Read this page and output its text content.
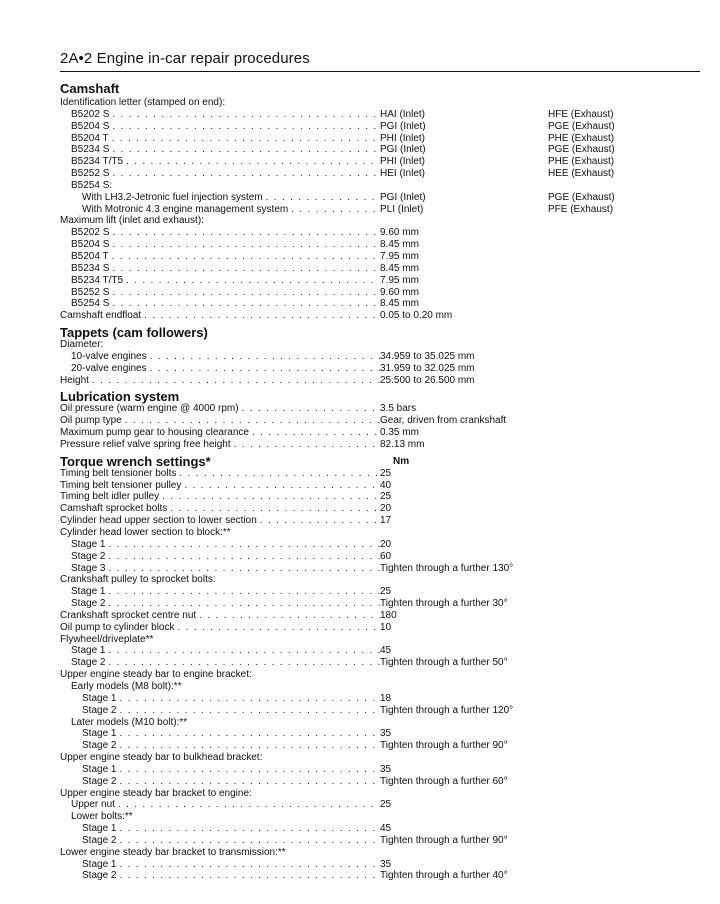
2A•2 Engine in-car repair procedures
Camshaft
Identification letter (stamped on end):
B5202 S . . .	HAI (Inlet)	HFE (Exhaust)
B5204 S . . .	PGI (Inlet)	PGE (Exhaust)
B5204 T . . .	PHI (Inlet)	PHE (Exhaust)
B5234 S . . .	PGI (Inlet)	PGE (Exhaust)
B5234 T/T5 . . .	PHI (Inlet)	PHE (Exhaust)
B5252 S . . .	HEI (Inlet)	HEE (Exhaust)
B5254 S:
With LH3.2-Jetronic fuel injection system . . .	PGI (Inlet)	PGE (Exhaust)
With Motronic 4.3 engine management system . . .	PLI (Inlet)	PFE (Exhaust)
Maximum lift (inlet and exhaust):
B5202 S . . .	9.60 mm
B5204 S . . .	8.45 mm
B5204 T . . .	7.95 mm
B5234 S . . .	8.45 mm
B5234 T/T5 . . .	7.95 mm
B5252 S . . .	9.60 mm
B5254 S . . .	8.45 mm
Camshaft endfloat . . .	0.05 to 0.20 mm
Tappets (cam followers)
Diameter:
10-valve engines . . .	34.959 to 35.025 mm
20-valve engines . . .	31.959 to 32.025 mm
Height . . .	25.500 to 26.500 mm
Lubrication system
Oil pressure (warm engine @ 4000 rpm) . . .	3.5 bars
Oil pump type . . .	Gear, driven from crankshaft
Maximum pump gear to housing clearance . . .	0.35 mm
Pressure relief valve spring free height . . .	82.13 mm
Torque wrench settings*	Nm
Timing belt tensioner bolts . . .	25
Timing belt tensioner pulley . . .	40
Timing belt idler pulley . . .	25
Camshaft sprocket bolts . . .	20
Cylinder head upper section to lower section . . .	17
Cylinder head lower section to block:**
Stage 1 . . .	20
Stage 2 . . .	60
Stage 3 . . .	Tighten through a further 130°
Crankshaft pulley to sprocket bolts:
Stage 1 . . .	25
Stage 2 . . .	Tighten through a further 30°
Crankshaft sprocket centre nut . . .	180
Oil pump to cylinder block . . .	10
Flywheel/driveplate**
Stage 1 . . .	45
Stage 2 . . .	Tighten through a further 50°
Upper engine steady bar to engine bracket:
Early models (M8 bolt):**
Stage 1 . . .	18
Stage 2 . . .	Tighten through a further 120°
Later models (M10 bolt):**
Stage 1 . . .	35
Stage 2 . . .	Tighten through a further 90°
Upper engine steady bar to bulkhead bracket:
Stage 1 . . .	35
Stage 2 . . .	Tighten through a further 60°
Upper engine steady bar bracket to engine:
Upper nut . . .	25
Lower bolts:**
Stage 1 . . .	45
Stage 2 . . .	Tighten through a further 90°
Lower engine steady bar bracket to transmission:**
Stage 1 . . .	35
Stage 2 . . .	Tighten through a further 40°
